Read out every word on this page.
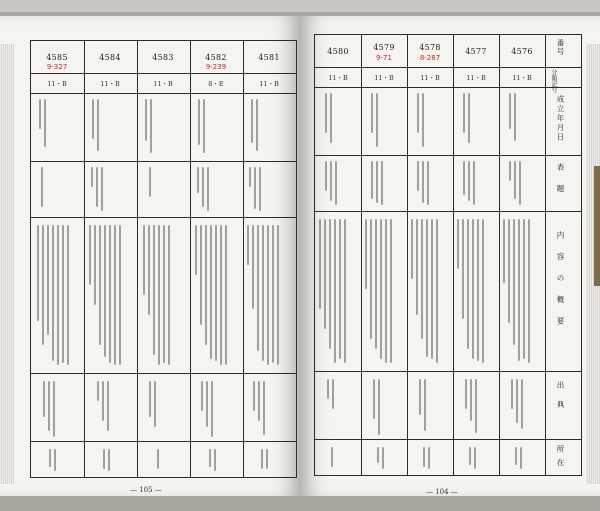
4585
9-327
11・B
4584
11・B
4583
11・B
4582
9-239
8・E
4581
11・B
— 105 —
4580
11・B
4579
9-71
11・B
4578
8-287
11・B
4577
11・B
4576
11・B
番号
分類記号
成立年月日
表題
内容の概要
出典
所在
— 104 —
